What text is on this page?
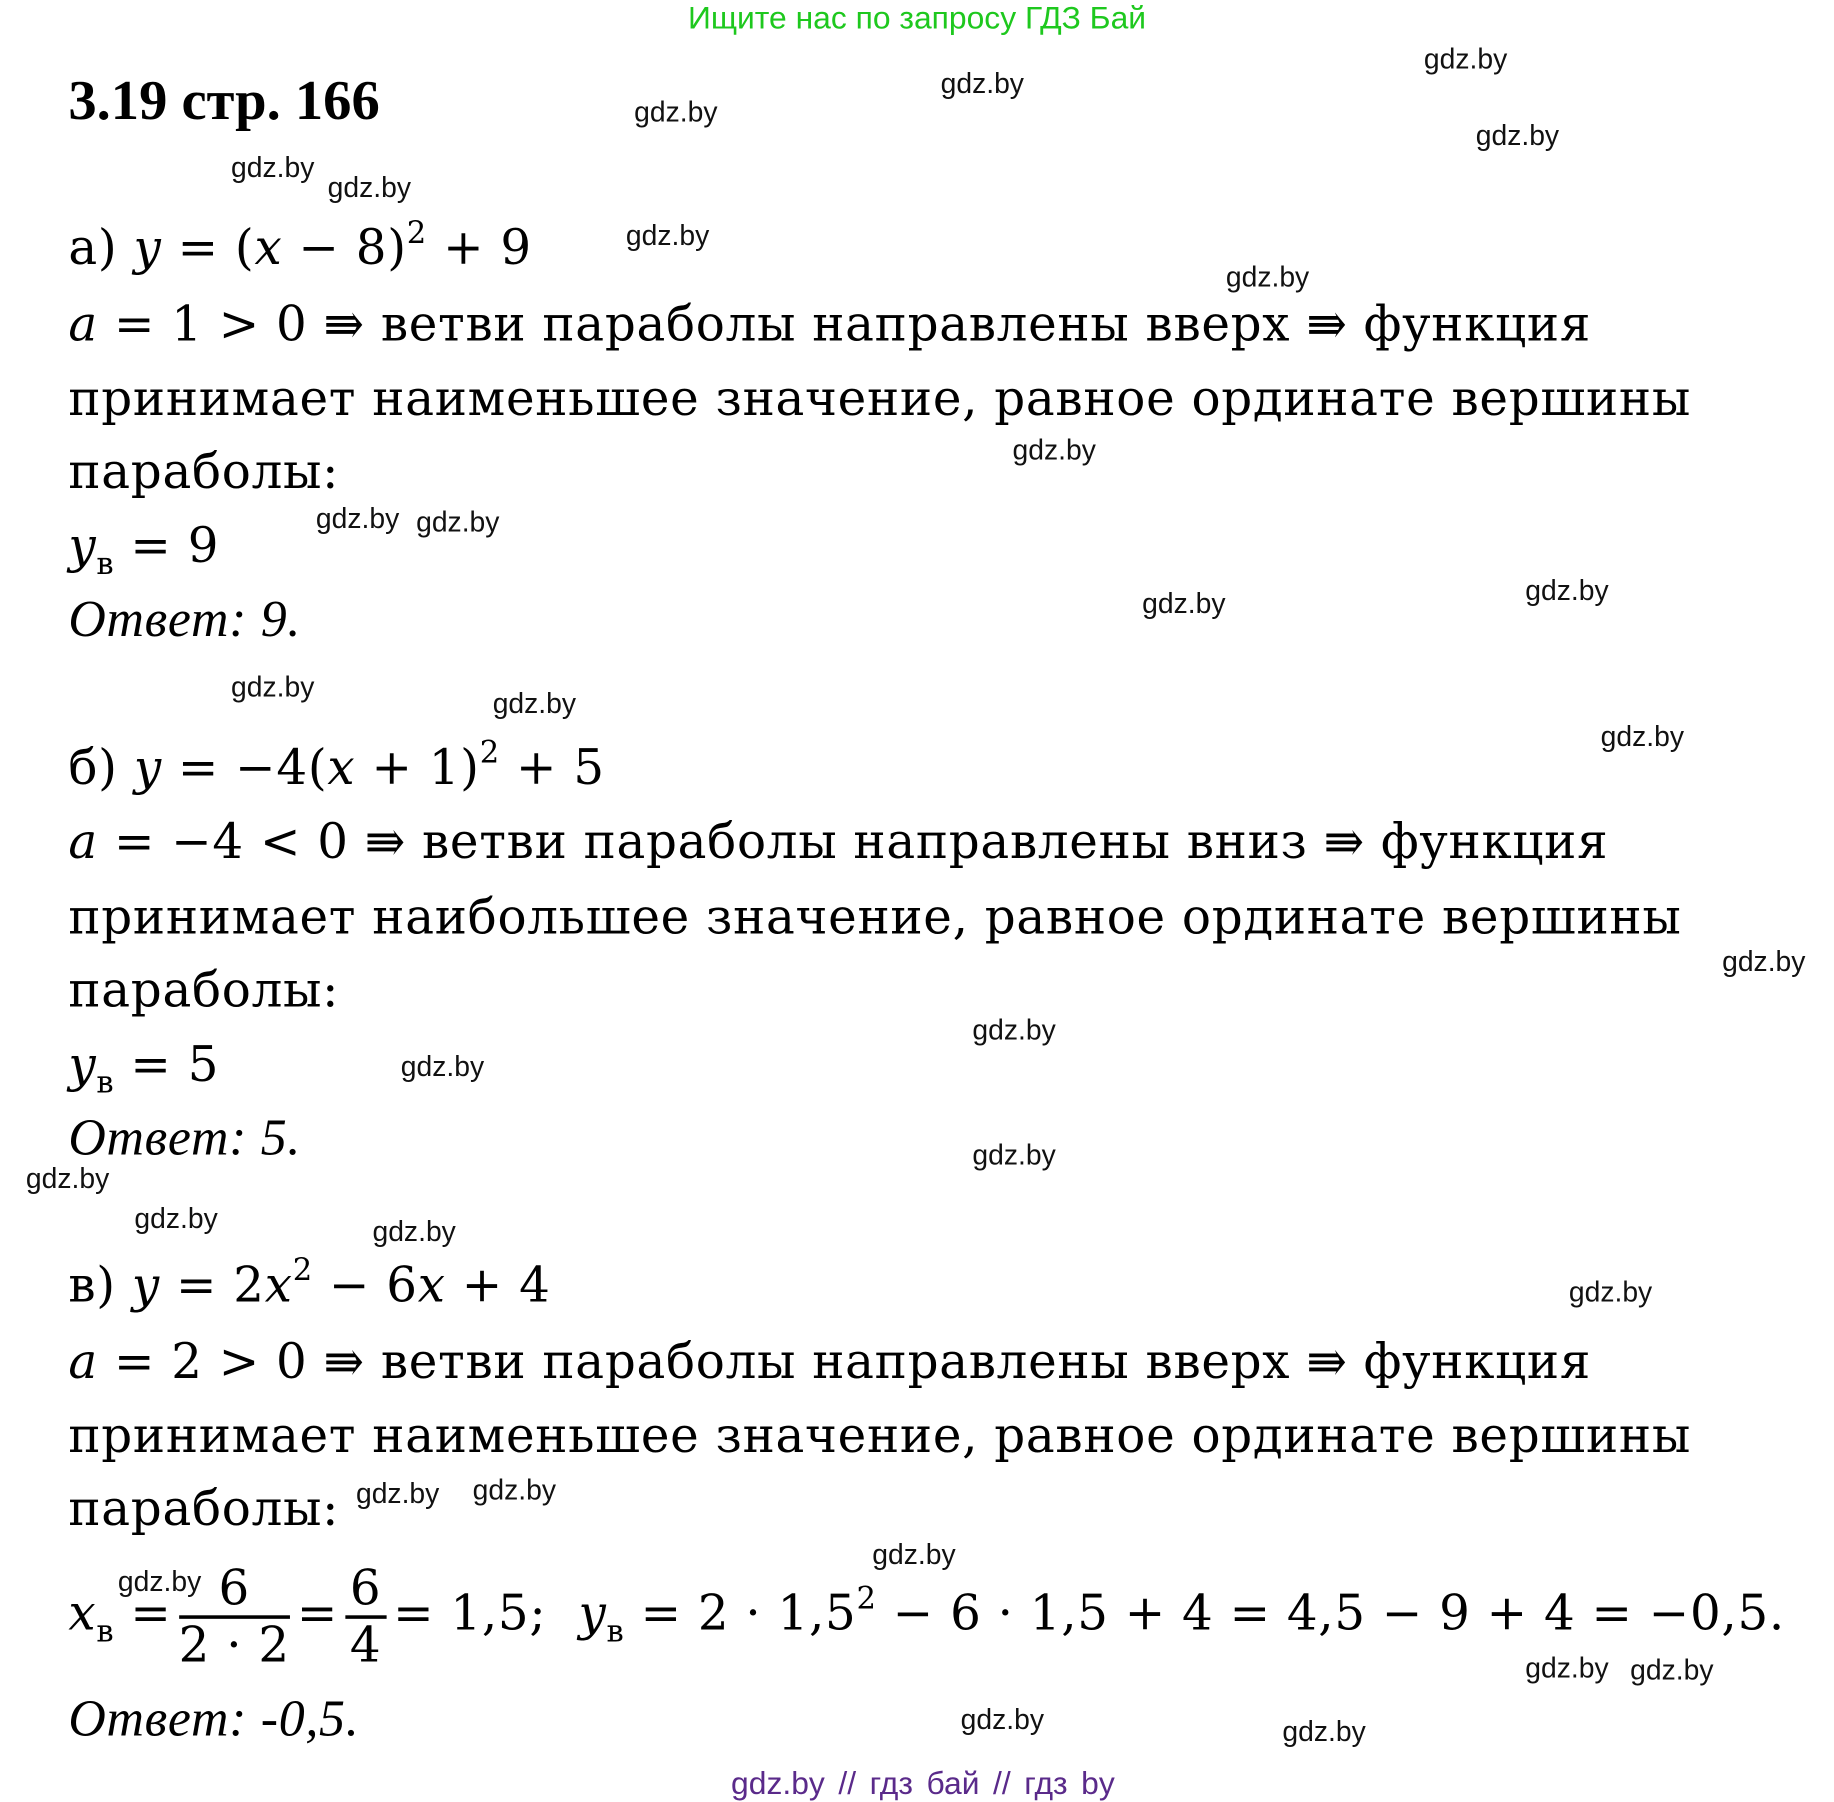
Ищите нас по запросу ГДЗ Бай
3.19 стр. 166
а) $y = (x - 8)^2 + 9$
a = 1 > 0 ⇛ ветви параболы направлены вверх ⇛ функция
принимает наименьшее значение, равное ординате вершины
параболы:
$y_в = 9$
Ответ: 9.
б) $y = -4(x + 1)^2 + 5$
a = −4 < 0 ⇛ ветви параболы направлены вниз ⇛ функция
принимает наибольшее значение, равное ординате вершины
параболы:
$y_в = 5$
Ответ: 5.
в) $y = 2x^2 - 6x + 4$
a = 2 > 0 ⇛ ветви параболы направлены вверх ⇛ функция
принимает наименьшее значение, равное ординате вершины
параболы:
$x_в = \frac{6}{2 \cdot 2} = \frac{6}{4} = 1,5$; $y_в = 2 \cdot 1,5^2 - 6 \cdot 1,5 + 4 = 4,5 - 9 + 4 = -0,5$.
Ответ: -0,5.
gdz.by // гдз бай // гдз by
gdz.by
gdz.by
gdz.by
gdz.by
gdz.by
gdz.by
gdz.by
gdz.by
gdz.by
gdz.by gdz.by
gdz.by	gdz.by
gdz.by
gdz.by
gdz.by
gdz.by
gdz.by
gdz.by
gdz.by
gdz.by
gdz.by	gdz.by
gdz.by
gdz.by gdz.by
gdz.by
gdz.by
gdz.by gdz.by
gdz.by	gdz.by
